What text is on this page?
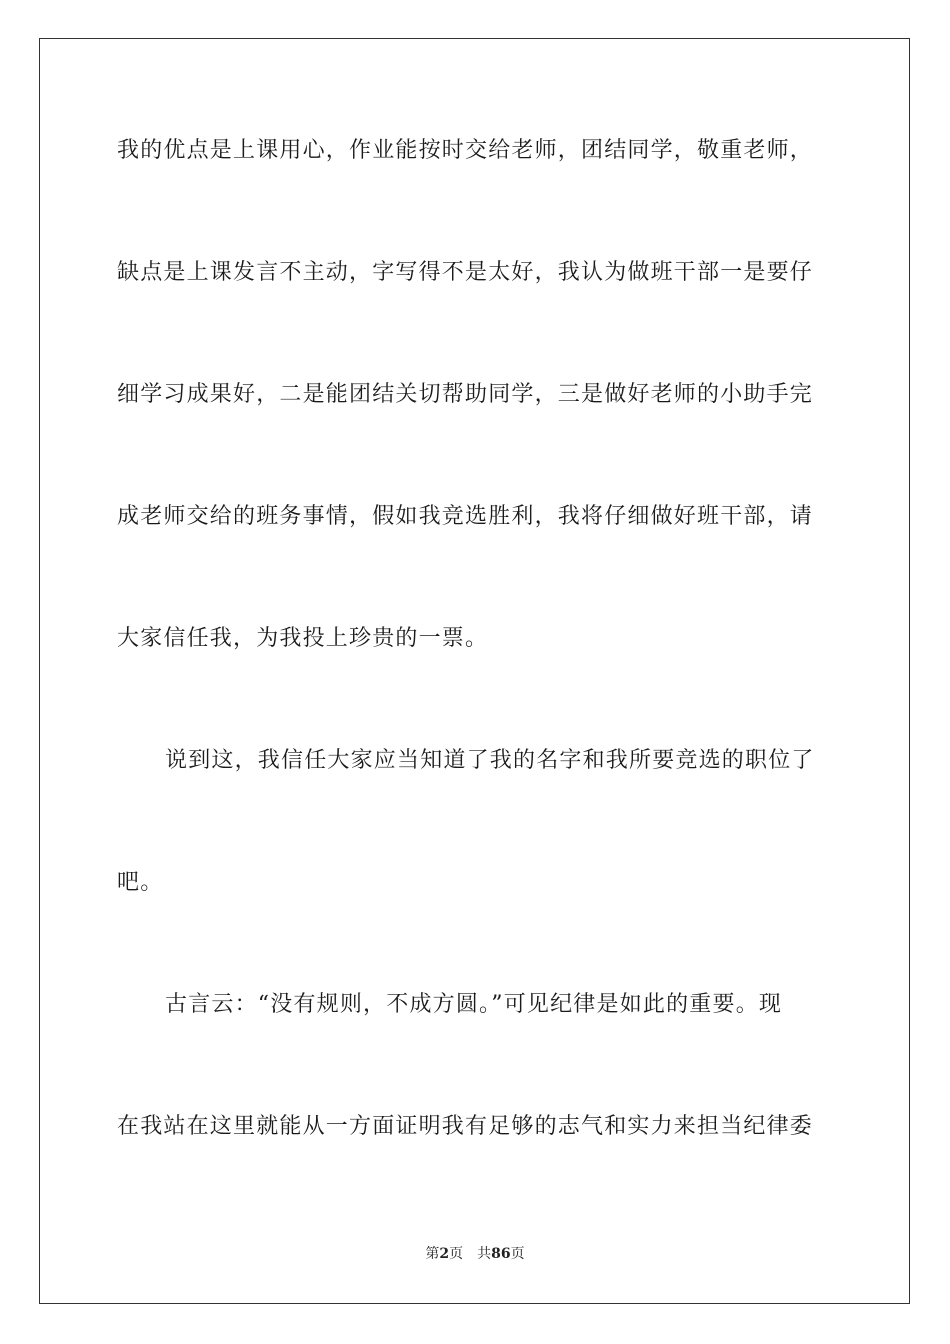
我的优点是上课用心，作业能按时交给老师，团结同学，敬重老师，
缺点是上课发言不主动，字写得不是太好，我认为做班干部一是要仔
细学习成果好，二是能团结关切帮助同学，三是做好老师的小助手完
成老师交给的班务事情，假如我竞选胜利，我将仔细做好班干部，请
大家信任我，为我投上珍贵的一票。
说到这，我信任大家应当知道了我的名字和我所要竞选的职位了
吧。
古言云：“没有规则，不成方圆。”可见纪律是如此的重要。现
在我站在这里就能从一方面证明我有足够的志气和实力来担当纪律委
第2页 共86页
